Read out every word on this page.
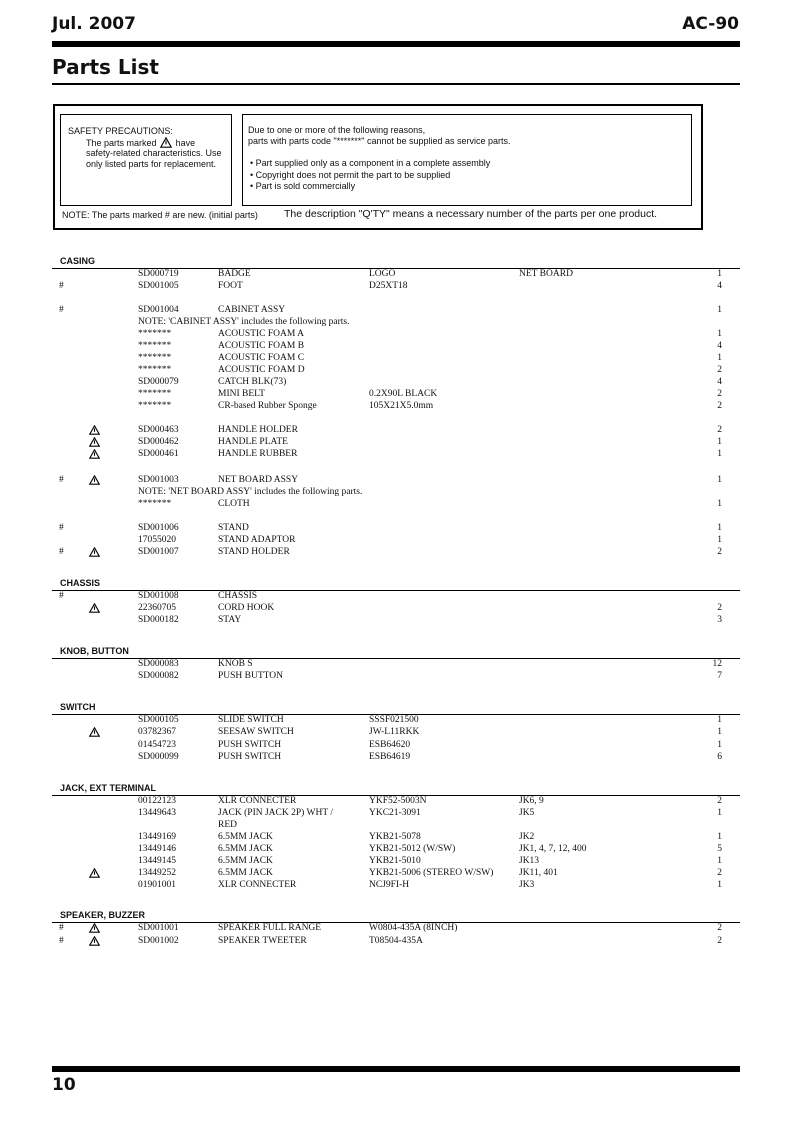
Jul. 2007	AC-90
Parts List
SAFETY PRECAUTIONS:
The parts marked have
safety-related characteristics. Use
only listed parts for replacement.
Due to one or more of the following reasons,
parts with parts code "*******" cannot be supplied as service parts.
• Part supplied only as a component in a complete assembly
• Copyright does not permit the part to be supplied
• Part is sold commercially
NOTE: The parts marked # are new. (initial parts) The description "Q'TY" means a necessary number of the parts per one product.
CASING
SD000719	BADGE	LOGO	NET BOARD	1
#	SD001005	FOOT	D25XT18	4
#	SD001004	CABINET ASSY	1
NOTE: 'CABINET ASSY' includes the following parts.
*******	ACOUSTIC FOAM A	1
*******	ACOUSTIC FOAM B	4
*******	ACOUSTIC FOAM C	1
*******	ACOUSTIC FOAM D	2
SD000079	CATCH BLK(73)	4
*******	MINI BELT	0.2X90L BLACK	2
*******	CR-based Rubber Sponge	105X21X5.0mm	2
SD000463	HANDLE HOLDER	2
SD000462	HANDLE PLATE	1
SD000461	HANDLE RUBBER	1
#	SD001003	NET BOARD ASSY	1
NOTE: 'NET BOARD ASSY' includes the following parts.
*******	CLOTH	1
#	SD001006	STAND	1
17055020	STAND ADAPTOR	1
#	SD001007	STAND HOLDER	2
CHASSIS
#	SD001008	CHASSIS
22360705	CORD HOOK	2
SD000182	STAY	3
KNOB, BUTTON
SD000083	KNOB S	12
SD000082	PUSH BUTTON	7
SWITCH
SD000105	SLIDE SWITCH	SSSF021500	1
03782367	SEESAW SWITCH	JW-L11RKK	1
01454723	PUSH SWITCH	ESB64620	1
SD000099	PUSH SWITCH	ESB64619	6
JACK, EXT TERMINAL
00122123	XLR CONNECTER	YKF52-5003N	JK6, 9	2
13449643	JACK (PIN JACK 2P) WHT /	YKC21-3091	JK5	1
RED
13449169	6.5MM JACK	YKB21-5078	JK2	1
13449146	6.5MM JACK	YKB21-5012 (W/SW)	JK1, 4, 7, 12, 400	5
13449145	6.5MM JACK	YKB21-5010	JK13	1
13449252	6.5MM JACK	YKB21-5006 (STEREO W/SW)	JK11, 401	2
01901001	XLR CONNECTER	NCJ9FI-H	JK3	1
SPEAKER, BUZZER
#	SD001001	SPEAKER FULL RANGE	W0804-435A (8INCH)	2
#	SD001002	SPEAKER TWEETER	T08504-435A	2
10
